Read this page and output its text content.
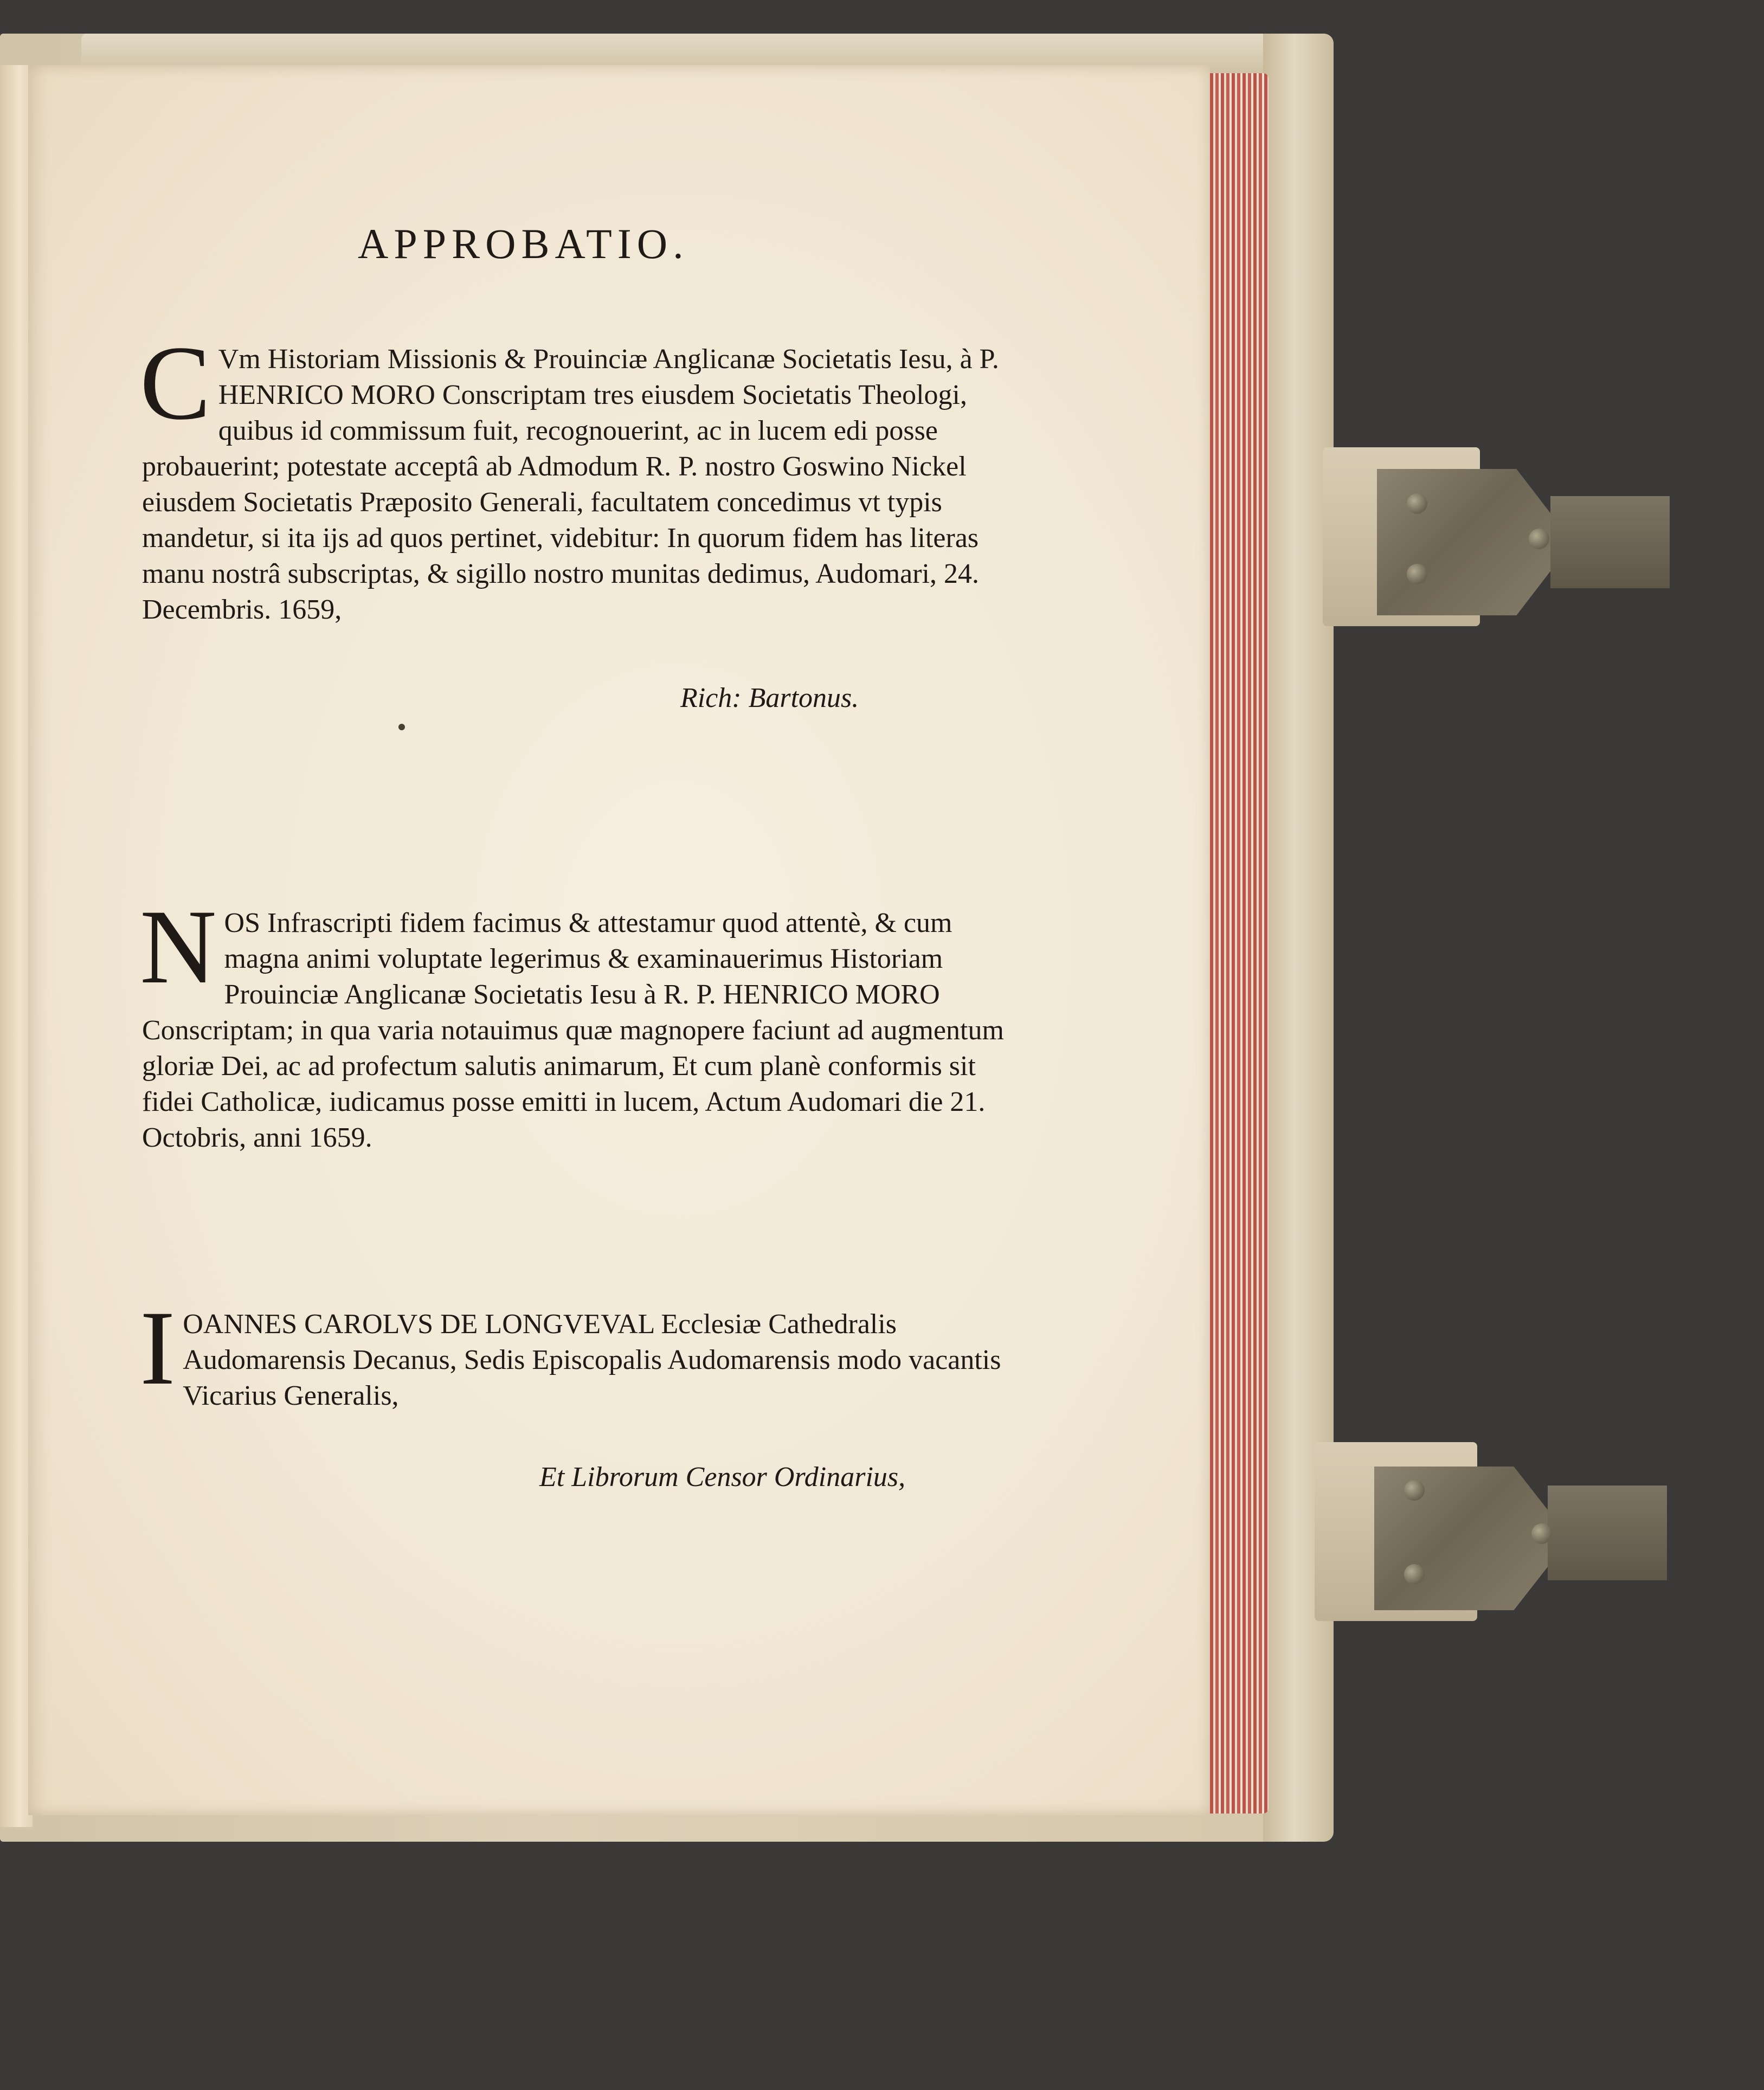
APPROBATIO.
C Vm Historiam Missionis & Prouinciæ Anglicanæ Societatis Iesu, à P. HENRICO MORO Conscriptam tres eiusdem Societatis Theologi, quibus id commissum fuit, recognouerint, ac in lucem edi posse probauerint; potestate acceptâ ab Admodum R. P. nostro Goswino Nickel eiusdem Societatis Præposito Generali, facultatem concedimus vt typis mandetur, si ita ijs ad quos pertinet, videbitur: In quorum fidem has literas manu nostrâ subscriptas, & sigillo nostro munitas dedimus, Audomari, 24. Decembris. 1659,
Rich: Bartonus.
N OS Infrascripti fidem facimus & attestamur quod attentè, & cum magna animi voluptate legerimus & examinauerimus Historiam Prouinciæ Anglicanæ Societatis Iesu à R. P. HENRICO MORO Conscriptam; in qua varia notauimus quæ magnopere faciunt ad augmentum gloriæ Dei, ac ad profectum salutis animarum, Et cum planè conformis sit fidei Catholicæ, iudicamus posse emitti in lucem, Actum Audomari die 21. Octobris, anni 1659.
I OANNES CAROLVS DE LONGVEVAL Ecclesiæ Cathedralis Audomarensis Decanus, Sedis Episcopalis Audomarensis modo vacantis Vicarius Generalis,
Et Librorum Censor Ordinarius,
